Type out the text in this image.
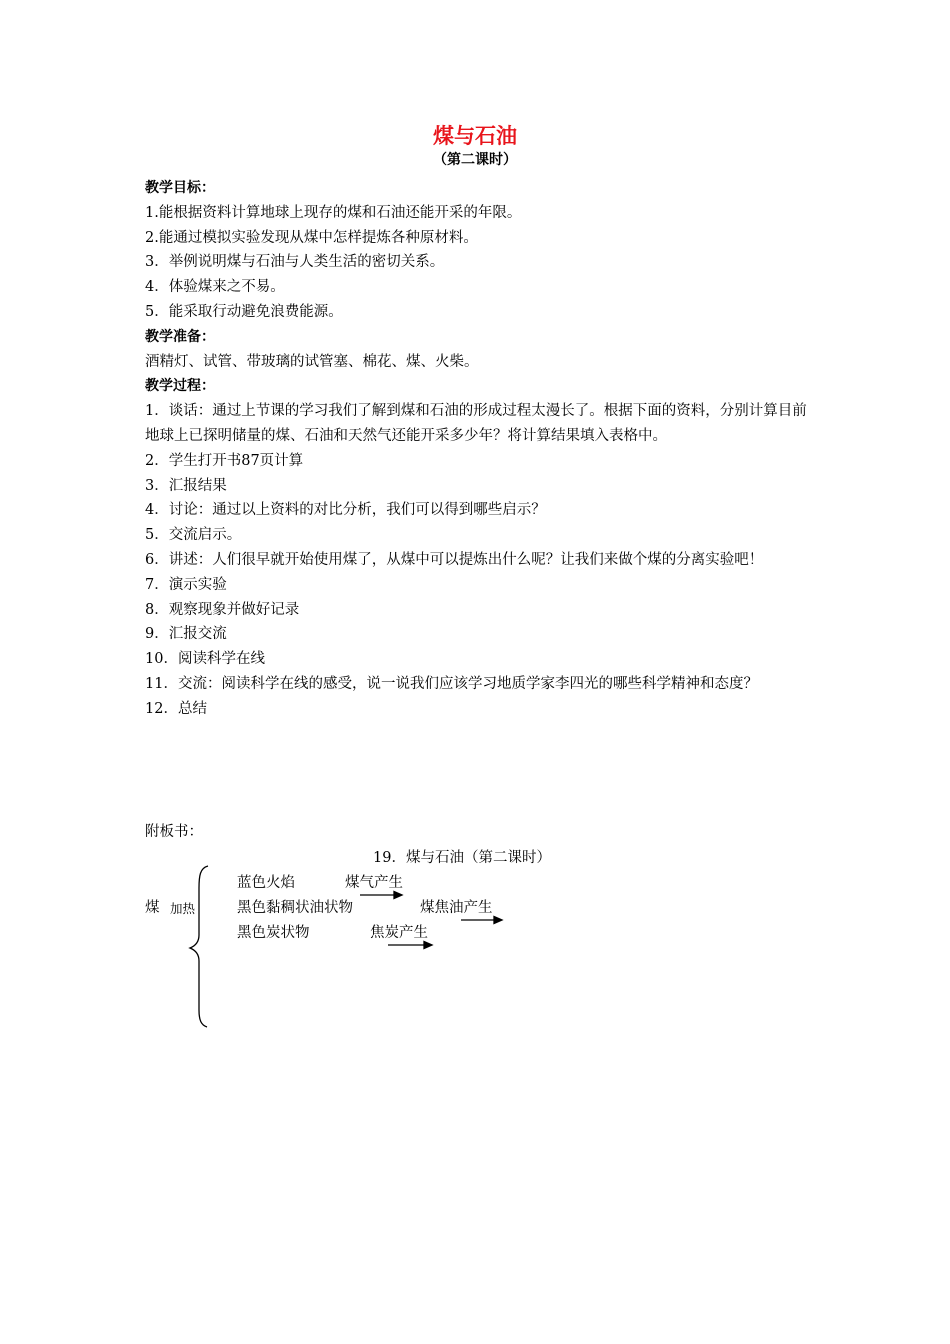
煤与石油
（第二课时）
教学目标：
1.能根据资料计算地球上现存的煤和石油还能开采的年限。
2.能通过模拟实验发现从煤中怎样提炼各种原材料。
3．举例说明煤与石油与人类生活的密切关系。
4．体验煤来之不易。
5．能采取行动避免浪费能源。
教学准备：
酒精灯、试管、带玻璃的试管塞、棉花、煤、火柴。
教学过程：
1．谈话：通过上节课的学习我们了解到煤和石油的形成过程太漫长了。根据下面的资料，分别计算目前地球上已探明储量的煤、石油和天然气还能开采多少年？将计算结果填入表格中。
2．学生打开书87页计算
3．汇报结果
4．讨论：通过以上资料的对比分析，我们可以得到哪些启示？
5．交流启示。
6．讲述：人们很早就开始使用煤了，从煤中可以提炼出什么呢？让我们来做个煤的分离实验吧！
7．演示实验
8．观察现象并做好记录
9．汇报交流
10．阅读科学在线
11．交流：阅读科学在线的感受，说一说我们应该学习地质学家李四光的哪些科学精神和态度？
12．总结
附板书：
19．煤与石油（第二课时）
煤 加热
蓝色火焰	煤气产生
黑色黏稠状油状物	煤焦油产生
黑色炭状物	焦炭产生
